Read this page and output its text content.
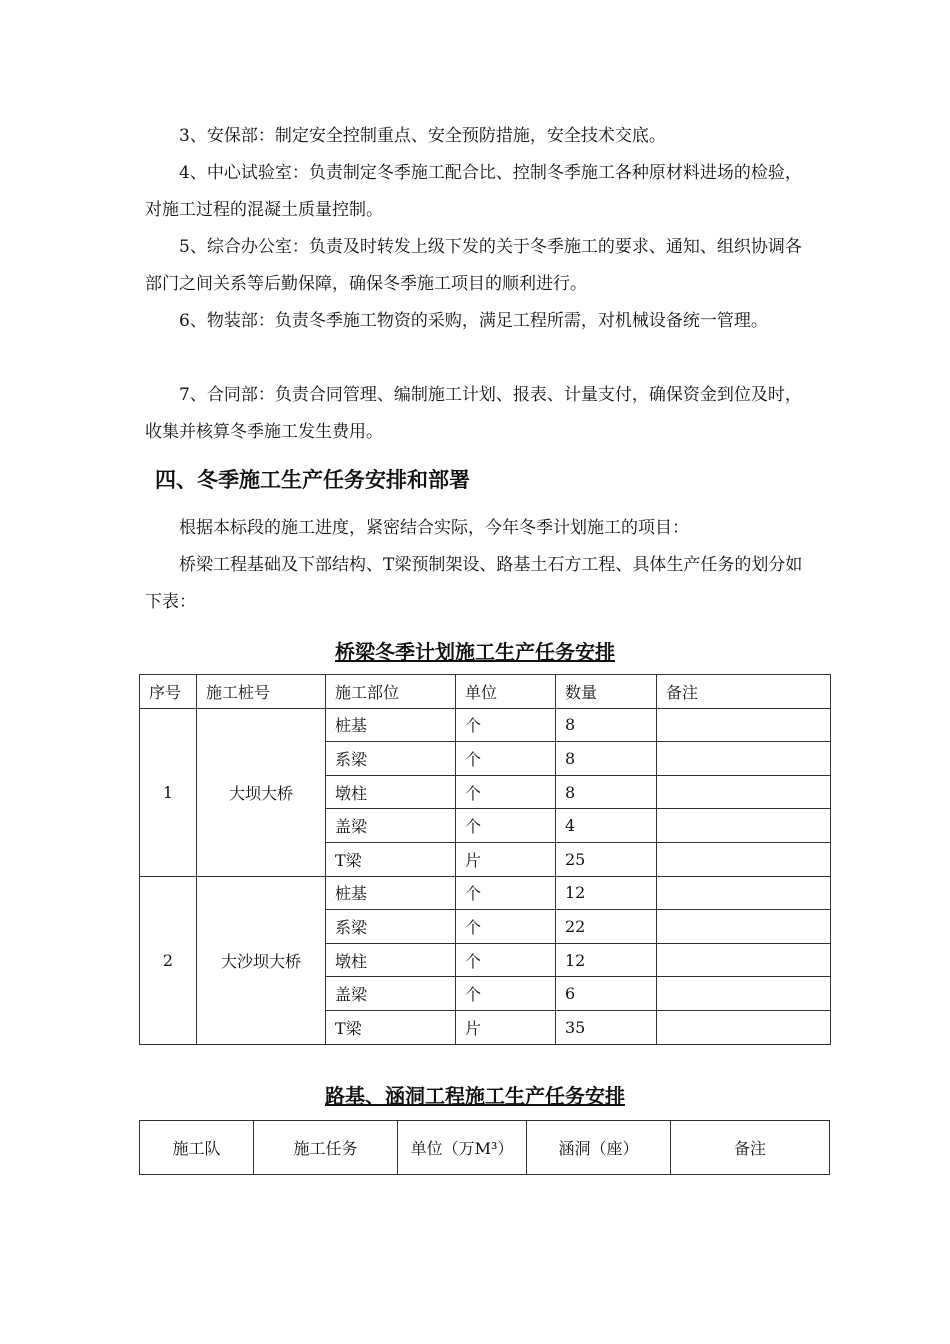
3、安保部：制定安全控制重点、安全预防措施，安全技术交底。

4、中心试验室：负责制定冬季施工配合比、控制冬季施工各种原材料进场的检验，对施工过程的混凝土质量控制。

5、综合办公室：负责及时转发上级下发的关于冬季施工的要求、通知、组织协调各部门之间关系等后勤保障，确保冬季施工项目的顺利进行。

6、物装部：负责冬季施工物资的采购，满足工程所需，对机械设备统一管理。

7、合同部：负责合同管理、编制施工计划、报表、计量支付，确保资金到位及时，收集并核算冬季施工发生费用。

四、冬季施工生产任务安排和部署

根据本标段的施工进度，紧密结合实际，今年冬季计划施工的项目：

桥梁工程基础及下部结构、T梁预制架设、路基土石方工程、具体生产任务的划分如下表：

桥梁冬季计划施工生产任务安排
序号	施工桩号	施工部位	单位	数量	备注
1	大坝大桥	桩基	个	8	
		系梁	个	8	
		墩柱	个	8	
		盖梁	个	4	
		T梁	片	25	
2	大沙坝大桥	桩基	个	12	
		系梁	个	22	
		墩柱	个	12	
		盖梁	个	6	
		T梁	片	35	
路基、涵洞工程施工生产任务安排
施工队	施工任务	单位（万M³）	涵洞（座）	备注
